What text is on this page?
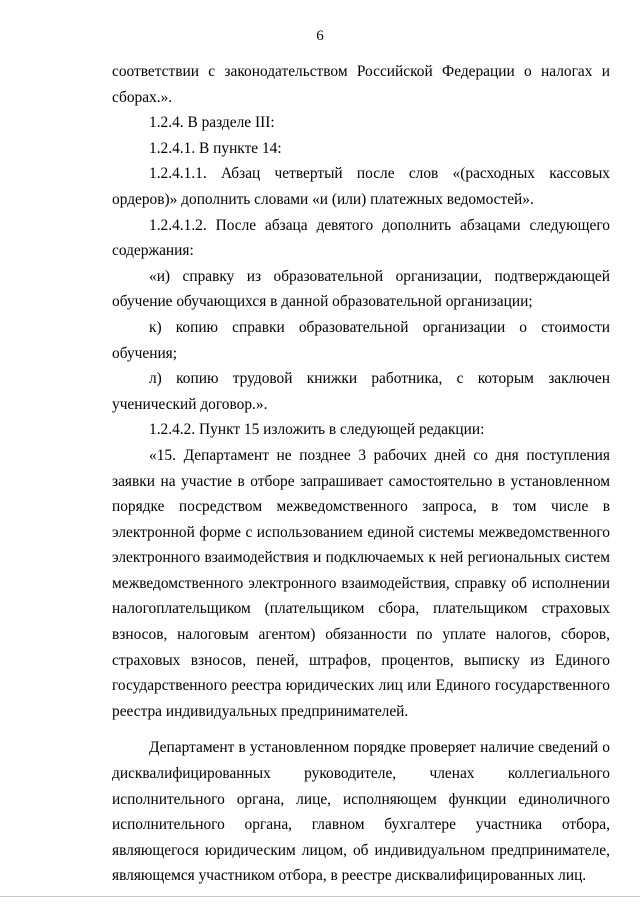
6

соответствии с законодательством Российской Федерации о налогах и сборах.».

1.2.4. В разделе III:

1.2.4.1. В пункте 14:

1.2.4.1.1. Абзац четвертый после слов «(расходных кассовых ордеров)» дополнить словами «и (или) платежных ведомостей».

1.2.4.1.2. После абзаца девятого дополнить абзацами следующего содержания:

«и) справку из образовательной организации, подтверждающей обучение обучающихся в данной образовательной организации;

к) копию справки образовательной организации о стоимости обучения;

л) копию трудовой книжки работника, с которым заключен ученический договор.».

1.2.4.2. Пункт 15 изложить в следующей редакции:

«15. Департамент не позднее 3 рабочих дней со дня поступления заявки на участие в отборе запрашивает самостоятельно в установленном порядке посредством межведомственного запроса, в том числе в электронной форме с использованием единой системы межведомственного электронного взаимодействия и подключаемых к ней региональных систем межведомственного электронного взаимодействия, справку об исполнении налогоплательщиком (плательщиком сбора, плательщиком страховых взносов, налоговым агентом) обязанности по уплате налогов, сборов, страховых взносов, пеней, штрафов, процентов, выписку из Единого государственного реестра юридических лиц или Единого государственного реестра индивидуальных предпринимателей.

Департамент в установленном порядке проверяет наличие сведений о дисквалифицированных руководителе, членах коллегиального исполнительного органа, лице, исполняющем функции единоличного исполнительного органа, главном бухгалтере участника отбора, являющегося юридическим лицом, об индивидуальном предпринимателе, являющемся участником отбора, в реестре дисквалифицированных лиц.
